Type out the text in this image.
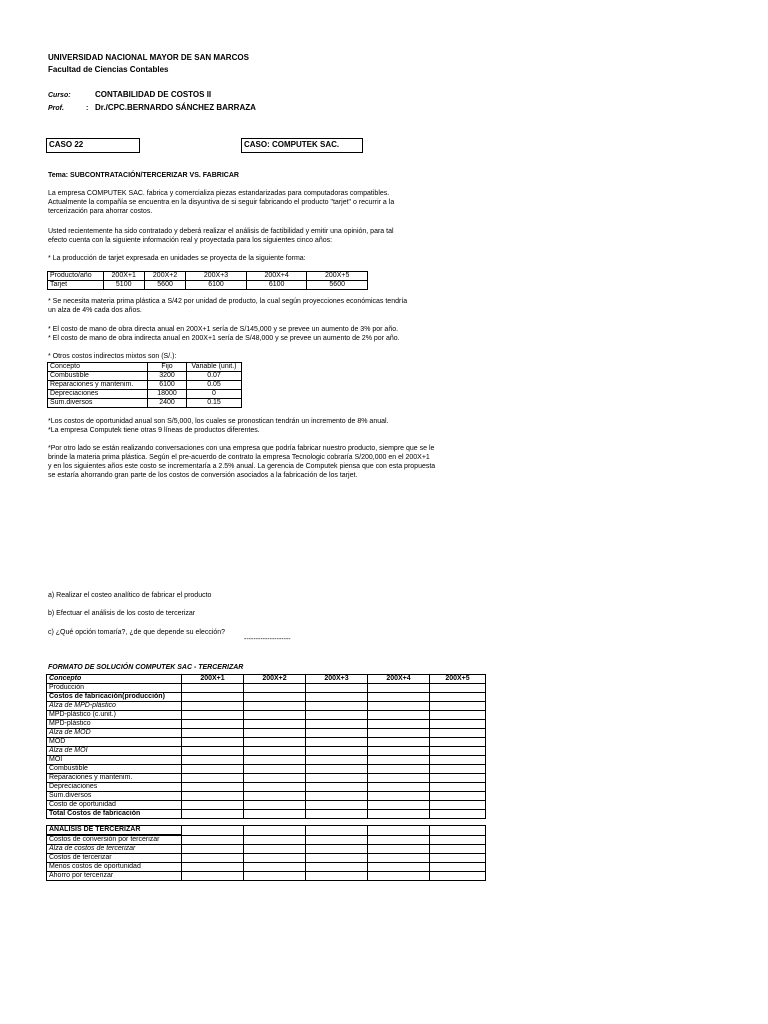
UNIVERSIDAD NACIONAL MAYOR DE SAN MARCOS
Facultad de Ciencias Contables
Curso:	CONTABILIDAD DE COSTOS II
Prof.	: Dr./CPC.BERNARDO SÁNCHEZ BARRAZA
CASO 22	CASO: COMPUTEK SAC.
Tema: SUBCONTRATACIÓN/TERCERIZAR VS. FABRICAR
La empresa COMPUTEK SAC. fabrica y comercializa piezas estandarizadas para computadoras compatibles.
Actualmente la compañía se encuentra en la disyuntiva de si seguir fabricando el producto "tarjet" o recurrir a la
tercerización para ahorrar costos.
Usted recientemente ha sido contratado y deberá realizar el análisis de factibilidad y emitir una opinión, para tal
efecto cuenta con la siguiente información real y proyectada para los siguientes cinco años:
* La producción de tarjet expresada en unidades se proyecta de la siguiente forma:
Producto/año	200X+1	200X+2	200X+3	200X+4	200X+5
Tarjet	5100	5600	6100	6100	5600
* Se necesita materia prima plástica a S/42 por unidad de producto, la cual según proyecciones económicas tendría
un alza de 4% cada dos años.
* El costo de mano de obra directa anual en 200X+1 sería de S/145,000 y se prevee un aumento de 3% por año.
* El costo de mano de obra indirecta anual en 200X+1 sería de S/48,000 y se prevee un aumento de 2% por año.
* Otros costos indirectos mixtos son (S/.):
Concepto	Fijo	Variable (unit.)
Combustible	3200	0.07
Reparaciones y mantenim.	6100	0.05
Depreciaciones	18000	0
Sum.diversos	2400	0.15
*Los costos de oportunidad anual son S/5,000, los cuales se pronostican tendrán un incremento de 8% anual.
*La empresa Computek tiene otras 9 líneas de productos diferentes.
*Por otro lado se están realizando conversaciones con una empresa que podría fabricar nuestro producto, siempre que se le
brinde la materia prima plástica. Según el pre-acuerdo de contrato la empresa Tecnologic cobraría S/200,000 en el 200X+1
y en los siguientes años este costo se incrementaría a 2.5% anual. La gerencia de Computek piensa que con esta propuesta
se estaría ahorrando gran parte de los costos de conversión asociados a la fabricación de los tarjet.
a) Realizar el costeo analítico de fabricar el producto
b) Efectuar el análisis de los costo de tercerizar
c) ¿Qué opción tomaría?, ¿de que depende su elección?
--------------------
FORMATO DE SOLUCIÓN COMPUTEK SAC - TERCERIZAR
Concepto	200X+1	200X+2	200X+3	200X+4	200X+5
Producción					
Costos de fabricación(producción)					
Alza de MPD-plástico					
MPD-plástico (c.unit.)					
MPD-plástico					
Alza de MOD					
MOD					
Alza de MOI					
MOI					
Combustible					
Reparaciones y mantenim.					
Depreciaciones					
Sum.diversos					
Costo de oportunidad					
Total Costos de fabricación					
ANÁLISIS DE TERCERIZAR					
Costos de conversión por tercerizar					
Alza de costos de tercerizar					
Costos de tercerizar					
Menos costos de oportunidad					
Ahorro por tercerizar					
